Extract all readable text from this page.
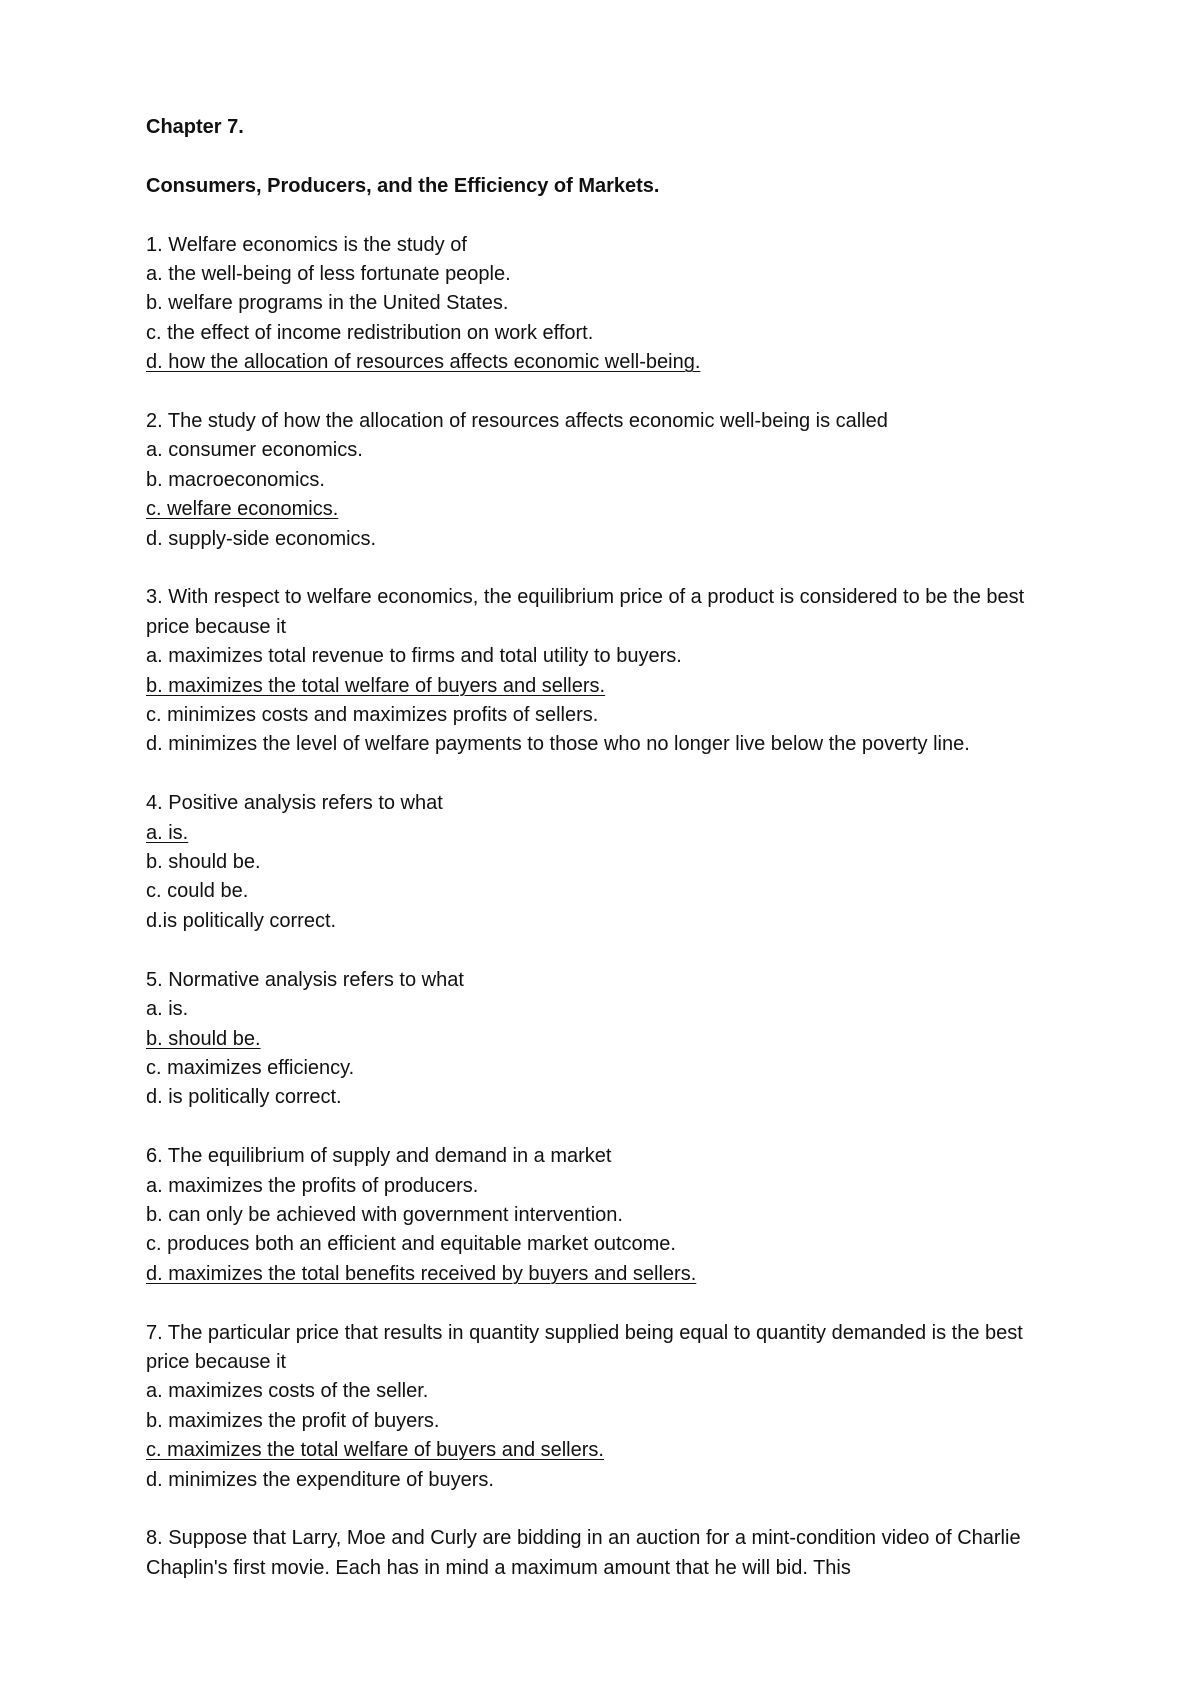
Chapter 7.

Consumers, Producers, and the Efficiency of Markets.

1. Welfare economics is the study of

a. the well-being of less fortunate people.

b. welfare programs in the United States.

c. the effect of income redistribution on work effort.

d. how the allocation of resources affects economic well-being.

2. The study of how the allocation of resources affects economic well-being is called

a. consumer economics.

b. macroeconomics.

c. welfare economics.

d. supply-side economics.

3. With respect to welfare economics, the equilibrium price of a product is considered to be the best price because it

a. maximizes total revenue to firms and total utility to buyers.

b. maximizes the total welfare of buyers and sellers.

c. minimizes costs and maximizes profits of sellers.

d. minimizes the level of welfare payments to those who no longer live below the poverty line.

4. Positive analysis refers to what

a. is.

b. should be.

c. could be.

d.is politically correct.

5. Normative analysis refers to what

a. is.

b. should be.

c. maximizes efficiency.

d. is politically correct.

6. The equilibrium of supply and demand in a market

a. maximizes the profits of producers.

b. can only be achieved with government intervention.

c. produces both an efficient and equitable market outcome.

d. maximizes the total benefits received by buyers and sellers.

7. The particular price that results in quantity supplied being equal to quantity demanded is the best price because it

a. maximizes costs of the seller.

b. maximizes the profit of buyers.

c. maximizes the total welfare of buyers and sellers.

d. minimizes the expenditure of buyers.

8. Suppose that Larry, Moe and Curly are bidding in an auction for a mint-condition video of Charlie Chaplin's first movie. Each has in mind a maximum amount that he will bid. This
